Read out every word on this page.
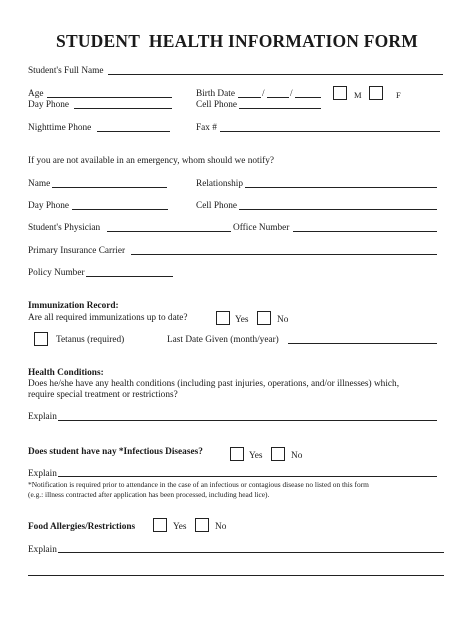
STUDENT  HEALTH INFORMATION FORM
Student's Full Name
Age	Birth Date	/	/	M	F
Day Phone	Cell Phone
Nighttime Phone	Fax #
If you are not available in an emergency, whom should we notify?
Name	Relationship
Day Phone	Cell Phone
Student's Physician	Office Number
Primary Insurance Carrier
Policy Number
Immunization Record:
Are all required immunizations up to date?	Yes	No
Tetanus (required)	Last Date Given (month/year)
Health Conditions:
Does he/she have any health conditions (including past injuries, operations, and/or illnesses) which,
require special treatment or restrictions?
Explain
Does student have nay *Infectious Diseases?	Yes	No
Explain
*Notification is required prior to attendance in the case of an infectious or contagious disease no listed on this form
(e.g.: illness contracted after application has been processed, including head lice).
Food Allergies/Restrictions	Yes	No
Explain
